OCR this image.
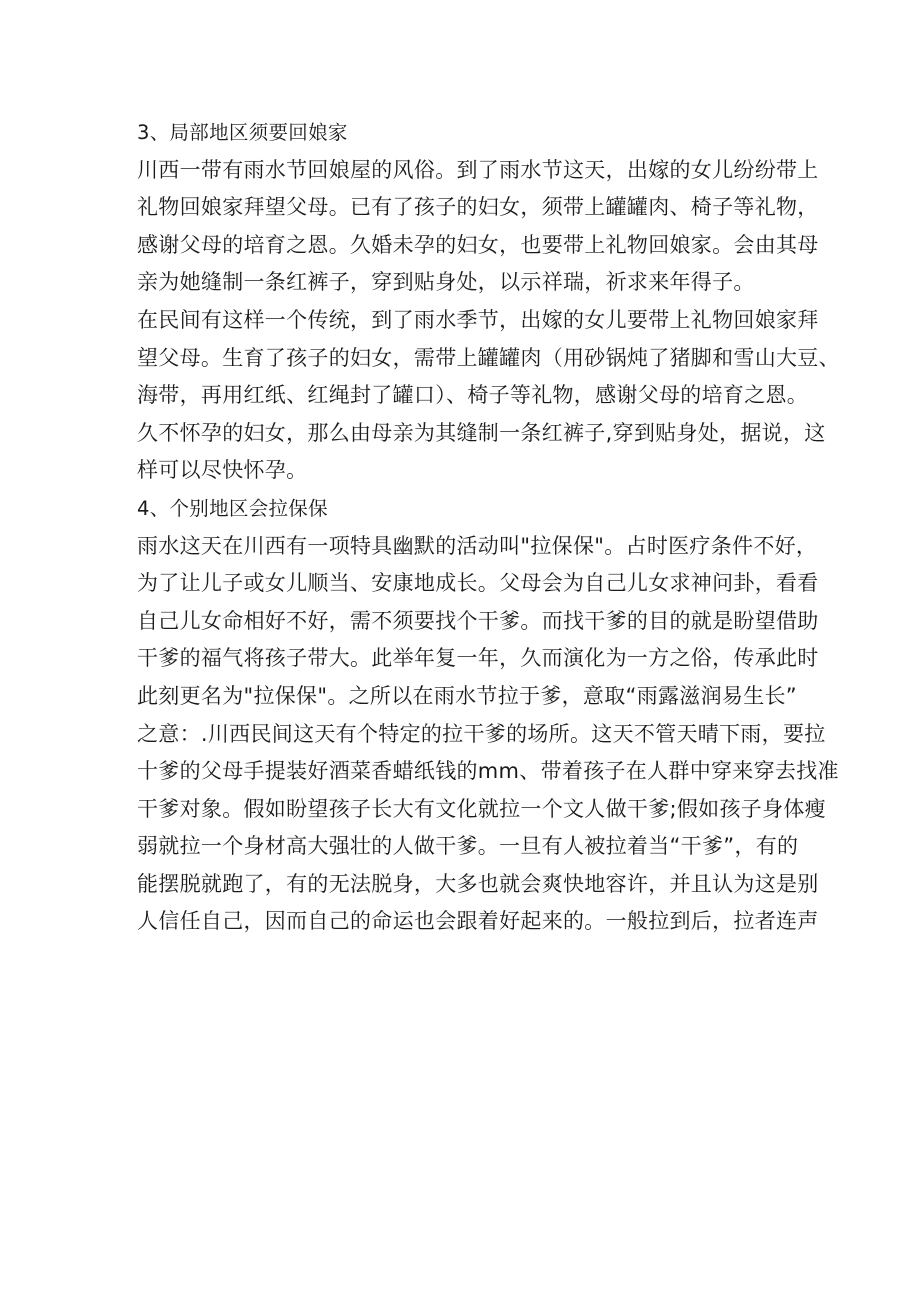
3、局部地区须要回娘家
川西一带有雨水节回娘屋的风俗。到了雨水节这天，出嫁的女儿纷纷带上
礼物回娘家拜望父母。已有了孩子的妇女，须带上罐罐肉、椅子等礼物，
感谢父母的培育之恩。久婚未孕的妇女，也要带上礼物回娘家。会由其母
亲为她缝制一条红裤子，穿到贴身处，以示祥瑞，祈求来年得子。
在民间有这样一个传统，到了雨水季节，出嫁的女儿要带上礼物回娘家拜
望父母。生育了孩子的妇女，需带上罐罐肉（用砂锅炖了猪脚和雪山大豆、
海带，再用红纸、红绳封了罐口）、椅子等礼物，感谢父母的培育之恩。
久不怀孕的妇女，那么由母亲为其缝制一条红裤子,穿到贴身处，据说，这
样可以尽快怀孕。
4、个别地区会拉保保
雨水这天在川西有一项特具幽默的活动叫"拉保保"。占时医疗条件不好，
为了让儿子或女儿顺当、安康地成长。父母会为自己儿女求神问卦，看看
自己儿女命相好不好，需不须要找个干爹。而找干爹的目的就是盼望借助
干爹的福气将孩子带大。此举年复一年，久而演化为一方之俗，传承此时
此刻更名为"拉保保"。之所以在雨水节拉于爹，意取“雨露滋润易生长”
之意：.川西民间这天有个特定的拉干爹的场所。这天不管天晴下雨，要拉
十爹的父母手提装好酒菜香蜡纸钱的mm、带着孩子在人群中穿来穿去找准
干爹对象。假如盼望孩子长大有文化就拉一个文人做干爹;假如孩子身体瘦
弱就拉一个身材高大强壮的人做干爹。一旦有人被拉着当“干爹”，有的
能摆脱就跑了，有的无法脱身，大多也就会爽快地容许，并且认为这是别
人信任自己，因而自己的命运也会跟着好起来的。一般拉到后，拉者连声
